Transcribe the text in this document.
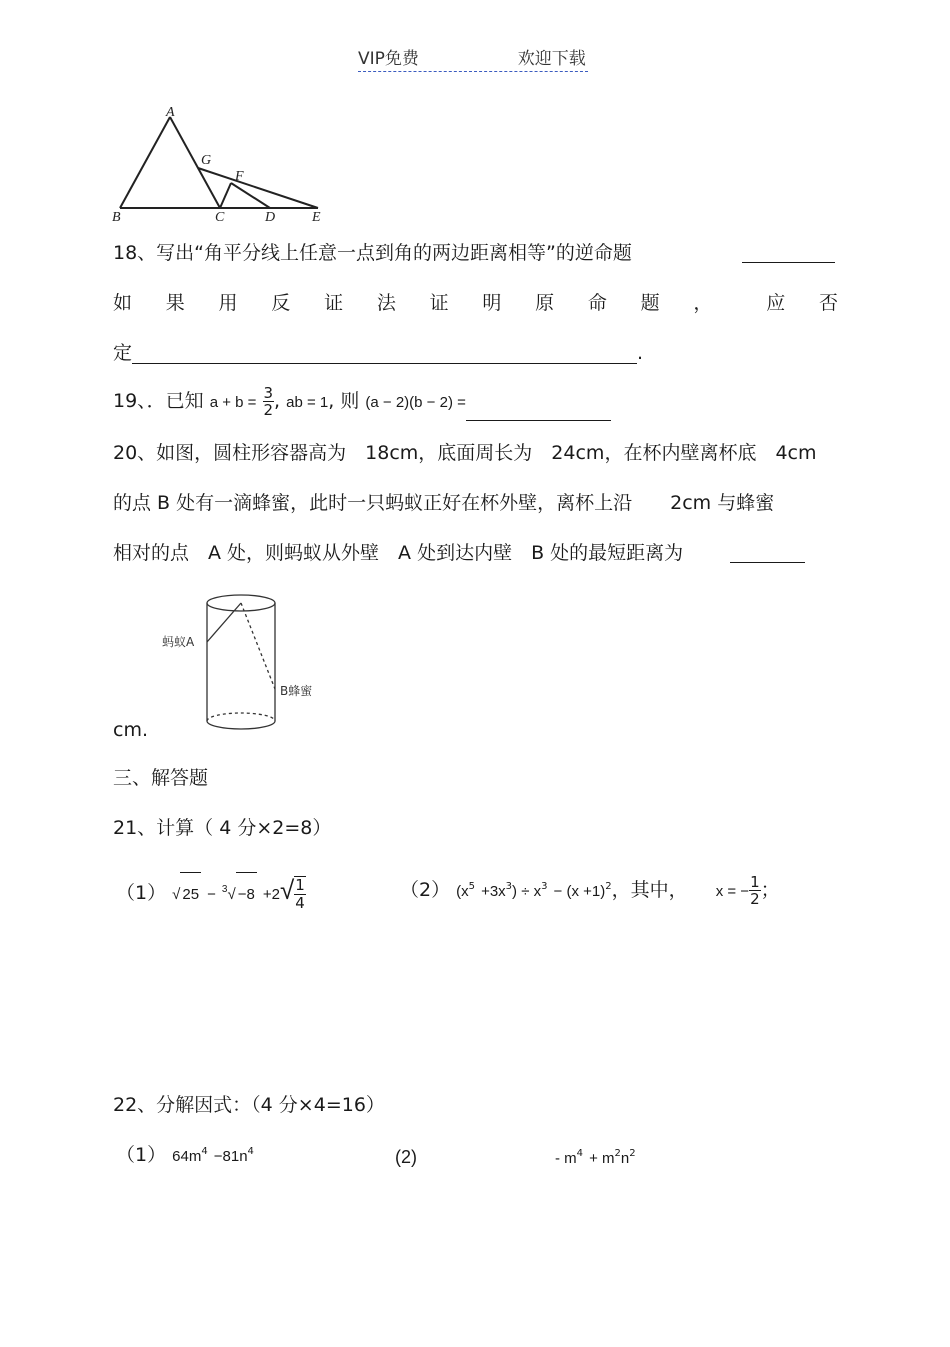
VIP免费	欢迎下载
A
B	C	D	E
F
G
18、写出“角平分线上任意一点到角的两边距离相等”的逆命题
如 果 用 反 证 法 证 明 原 命 题 ，	应 否
定	.
19、．已知 $a + b = \frac{3}{2}$ , ab = 1, 则 (a − 2)(b − 2) =
20、如图，圆柱形容器高为　18cm，底面周长为　24cm，在杯内壁离杯底　4cm
的点 B 处有一滴蜂蜜，此时一只蚂蚁正好在杯外壁，离杯上沿　　2cm 与蜂蜜
相对的点　A 处，则蚂蚁从外壁　A 处到达内壁　B 处的最短距离为
蚂蚁A
B蜂蜜
cm.
三、解答题
21、计算（ 4 分×2=8）
（1） √ $25 - ^3√ -8 +2√ \frac{1}{4}$	（2） $(x^5 +3x^3) \div x^3 - (x +1)^2$，其中， x = − $\frac{1}{2}$ ；
22、分解因式：（4 分×4=16）
（1） $64m^4 -81n^4$	(2)	- $m^4 + m^2n^2$
